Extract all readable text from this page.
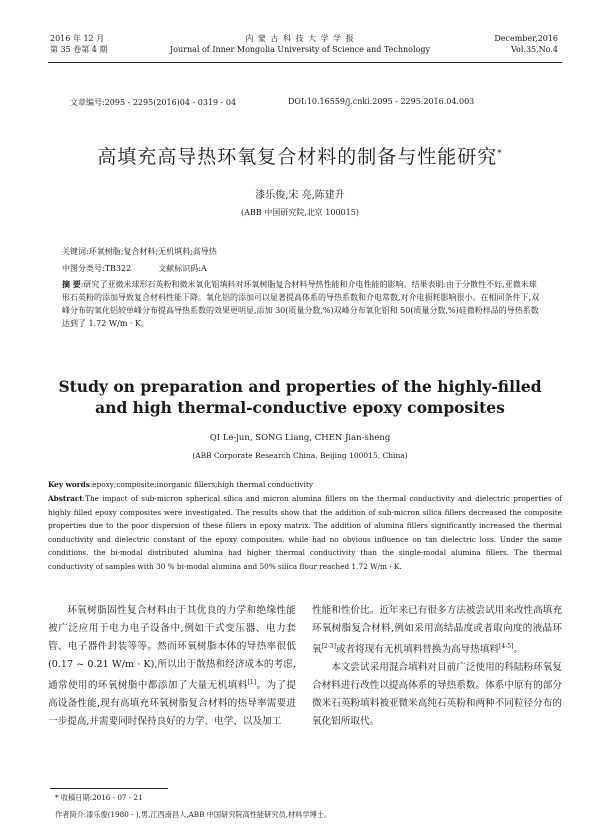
2016 年 12 月
第 35 卷第 4 期
内 蒙 古 科 技 大 学 学 报
Journal of Inner Mongolia University of Science and Technology
December,2016
Vol.35,No.4
文章编号:2095 - 2295(2016)04 - 0319 - 04	DOI:10.16559/j.cnki.2095 - 2295.2016.04.003
高填充高导热环氧复合材料的制备与性能研究*
漆乐俊,宋 亮,陈建升
(ABB 中国研究院,北京 100015)
关键词:环氧树脂;复合材料;无机填料;高导热
中图分类号:TB322	文献标识码:A
摘 要:研究了亚微米球形石英粉和微米氧化铝填料对环氧树脂复合材料导热性能和介电性能的影响。结果表明:由于分散性不好,亚微米球形石英粉的添加导致复合材料性能下降。氧化铝的添加可以显著提高体系的导热系数和介电常数,对介电损耗影响很小。在相同条件下,双峰分布的氧化铝较单峰分布提高导热系数的效果更明显,添加 30(质量分数,%)双峰分布氧化铝和 50(质量分数,%)硅微粉样品的导热系数达到了 1.72 W/m · K。
Study on preparation and properties of the highly-filled
and high thermal-conductive epoxy composites
QI Le-jun, SONG Liang, CHEN Jian-sheng
(ABB Corporate Research China, Beijing 100015, China)
Key words:epoxy;composite;inorganic fillers;high thermal conductivity
Abstract:The impact of sub-micron spherical silica and micron alumina fillers on the thermal conductivity and dielectric properties of highly filled epoxy composites were investigated. The results show that the addition of sub-micron silica fillers decreased the composite properties due to the poor dispersion of these fillers in epoxy matrix. The addition of alumina fillers significantly increased the thermal conductivity and dielectric constant of the epoxy composites, while had no obvious influence on tan dielectric loss. Under the same conditions, the bi-modal distributed alumina had higher thermal conductivity than the single-modal alumina fillers. The thermal conductivity of samples with 30 % bi-modal alumina and 50% silica flour reached 1.72 W/m · K.
环氧树脂固性复合材料由于其优良的力学和绝缘性能被广泛应用于电力电子设备中,例如干式变压器、电力套管、电子器件封装等等。然而环氧树脂本体的导热率很低(0.17 ~ 0.21 W/m · K),所以出于散热和经济成本的考虑,通常使用的环氧树脂中都添加了大量无机填料[1]。为了提高设备性能,现有高填充环氧树脂复合材料的热导率需要进一步提高,并需要同时保持良好的力学、电学、以及加工
性能和性价比。近年来已有很多方法被尝试用来改性高填充环氧树脂复合材料,例如采用高结晶度或者取向度的液晶环氧[2-3]或者将现有无机填料替换为高导热填料[4-5]。
本文尝试采用混合填料对目前广泛使用的科陆粉环氧复合材料进行改性以提高体系的导热系数。体系中原有的部分微米石英粉填料被亚微米高纯石英粉和两种不同粒径分布的氧化铝所取代。
* 收稿日期:2016 - 07 - 21
作者简介:漆乐俊(1980 - ),男,江西南昌人,ABB 中国研究院高性能研究员,材料学博士。
